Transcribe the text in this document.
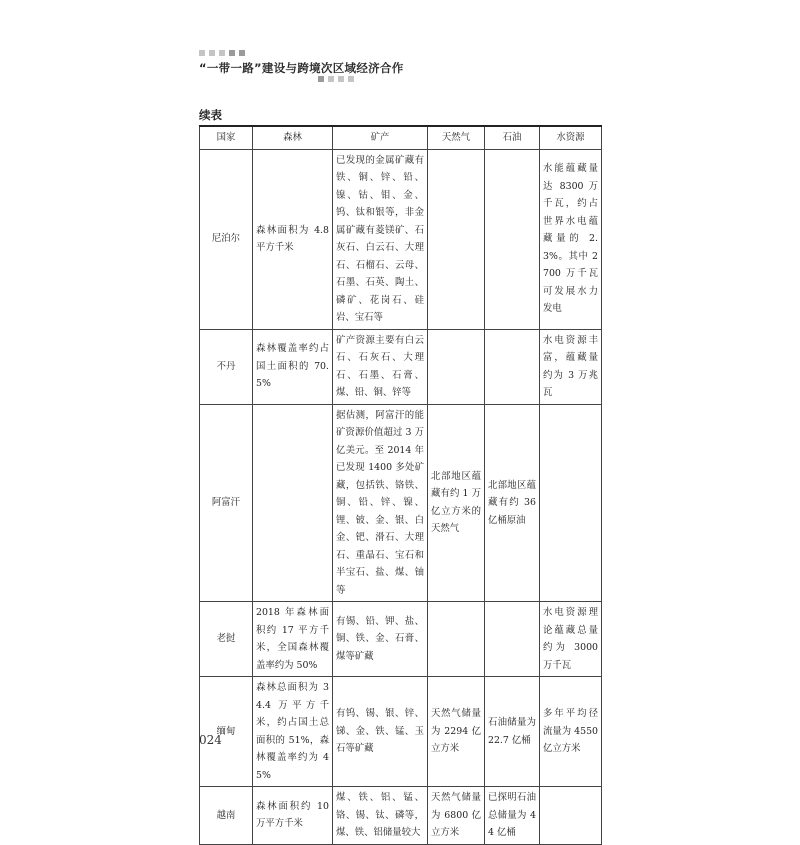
“一带一路”建设与跨境次区域经济合作
续表
国家	森林	矿产	天然气	石油	水资源
尼泊尔	森林面积为 4.8 平方千米	已发现的金属矿藏有铁、铜、锌、铅、镍、钴、钼、金、钨、钛和银等，非金属矿藏有菱镁矿、石灰石、白云石、大理石、石榴石、云母、石墨、石英、陶土、磷矿、花岗石、硅岩、宝石等			水能蕴藏量达 8300 万千瓦，约占世界水电蕴藏量的 2.3%。其中 2700 万千瓦可发展水力发电
不丹	森林覆盖率约占国土面积的 70.5%	矿产资源主要有白云石、石灰石、大理石、石墨、石膏、煤、铅、铜、锌等			水电资源丰富，蕴藏量约为 3 万兆瓦
阿富汗		据估测，阿富汗的能矿资源价值超过 3 万亿美元。至 2014 年已发现 1400 多处矿藏，包括铁、铬铁、铜、铅、锌、镍、锂、铍、金、银、白金、钯、滑石、大理石、重晶石、宝石和半宝石、盐、煤、铀等	北部地区蕴藏有约 1 万亿立方米的天然气	北部地区蕴藏有约 36 亿桶原油	
老挝	2018 年森林面积约 17 平方千米，全国森林覆盖率约为 50%	有锡、铅、钾、盐、铜、铁、金、石膏、煤等矿藏			水电资源理论蕴藏总量约为 3000 万千瓦
缅甸	森林总面积为 34.4 万平方千米，约占国土总面积的 51%，森林覆盖率约为 45%	有钨、锡、银、锌、锑、金、铁、锰、玉石等矿藏	天然气储量为 2294 亿立方米	石油储量为 22.7 亿桶	多年平均径流量为 4550 亿立方米
越南	森林面积约 10 万平方千米	煤、铁、铝、锰、铬、锡、钛、磷等，煤、铁、铝储量较大	天然气储量为 6800 亿立方米	已探明石油总储量为 44 亿桶	
024
